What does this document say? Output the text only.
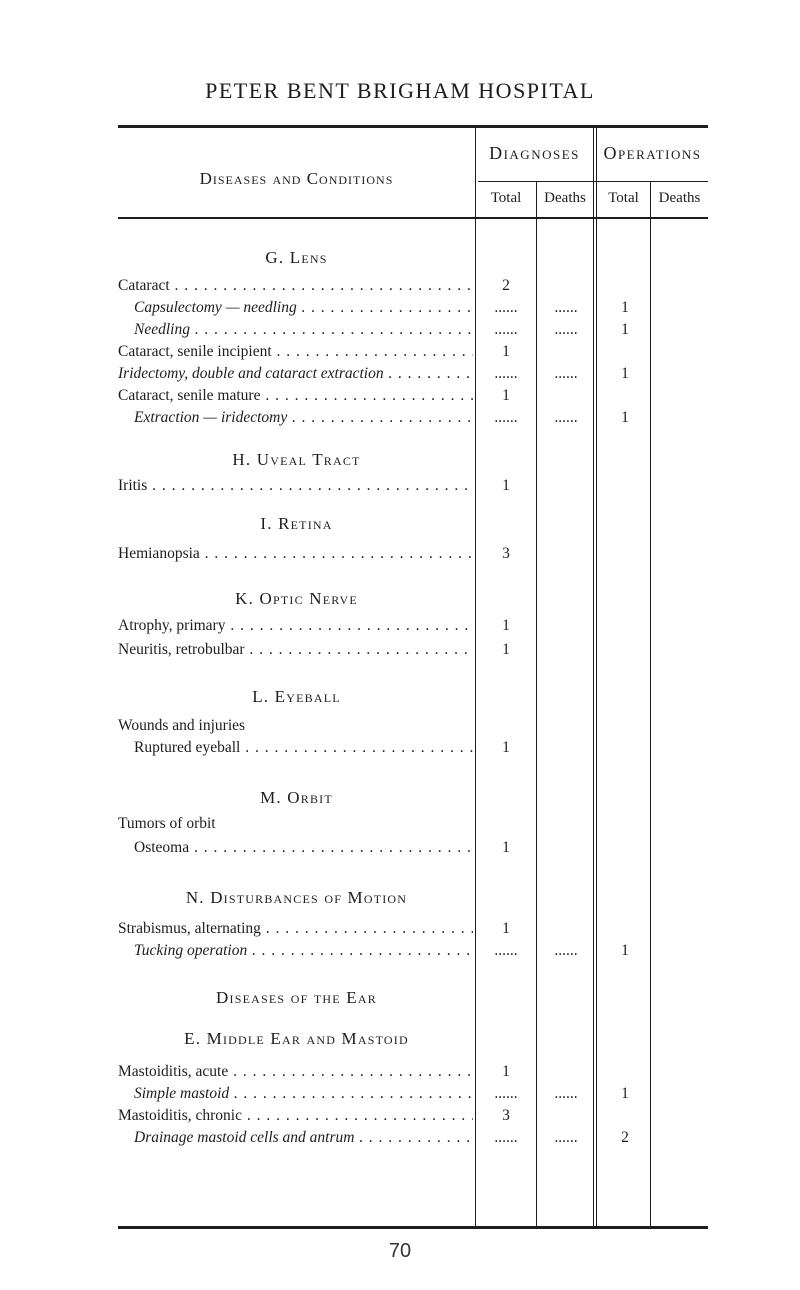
PETER BENT BRIGHAM HOSPITAL
Diseases and Conditions
Diagnoses	Operations
Total	Deaths	Total	Deaths
G. Lens
H. Uveal Tract
I. Retina
K. Optic Nerve
L. Eyeball
M. Orbit
N. Disturbances of Motion
Diseases of the Ear
E. Middle Ear and Mastoid
Cataract . . .	2
Capsulectomy — needling . . .	......	......	1
Needling . . .	......	......	1
Cataract, senile incipient . . .	1
Iridectomy, double and cataract extraction . . .	......	......	1
Cataract, senile mature . . .	1
Extraction — iridectomy . . .	......	......	1
Iritis . . .	1
Hemianopsia . . .	3
Atrophy, primary . . .	1
Neuritis, retrobulbar . . .	1
Wounds and injuries
Ruptured eyeball . . .	1
Tumors of orbit
Osteoma . . .	1
Strabismus, alternating . . .	1
Tucking operation . . .	......	......	1
Mastoiditis, acute . . .	1
Simple mastoid . . .	......	......	1
Mastoiditis, chronic . . .	3
Drainage mastoid cells and antrum . . .	......	......	2
70
